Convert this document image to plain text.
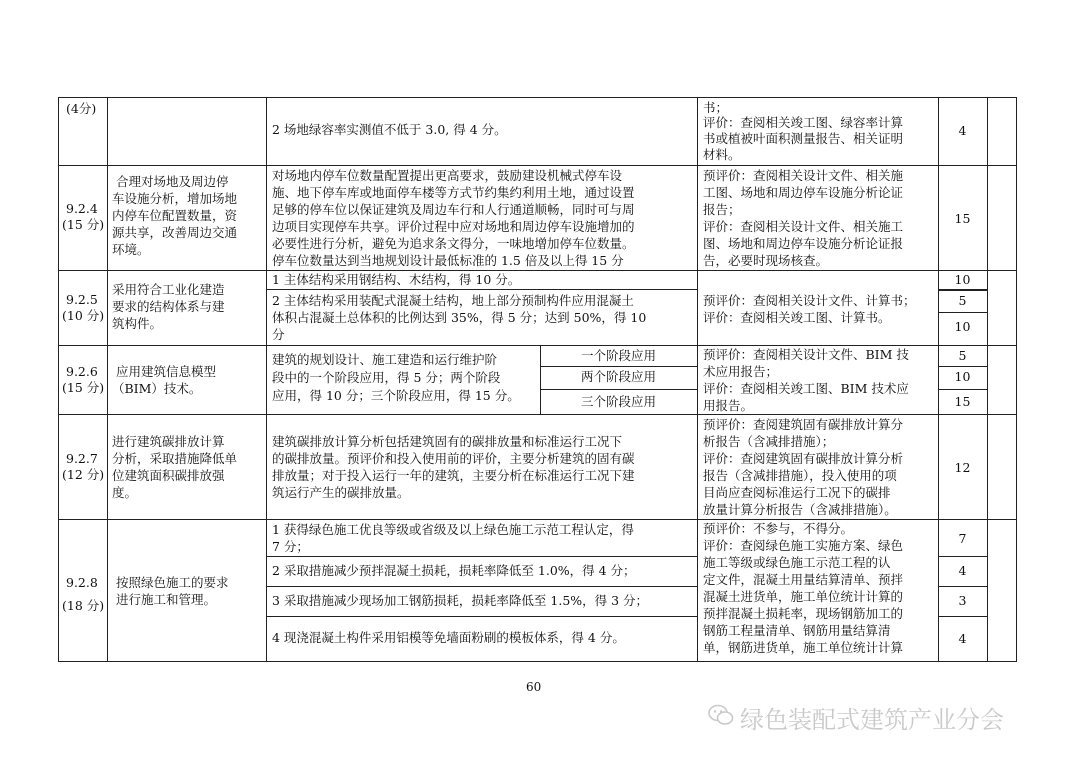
(4分)
2 场地绿容率实测值不低于 3.0, 得 4 分。
书；
评价：查阅相关竣工图、绿容率计算
书或植被叶面积测量报告、相关证明
材料。
4
9.2.4
(15 分)
合理对场地及周边停
车设施分析，增加场地
内停车位配置数量，资
源共享，改善周边交通
环境。
对场地内停车位数量配置提出更高要求，鼓励建设机械式停车设
施、地下停车库或地面停车楼等方式节约集约利用土地，通过设置
足够的停车位以保证建筑及周边车行和人行通道顺畅，同时可与周
边项目实现停车共享。评价过程中应对场地和周边停车设施增加的
必要性进行分析，避免为追求条文得分，一味地增加停车位数量。
停车位数量达到当地规划设计最低标准的 1.5 倍及以上得 15 分
预评价：查阅相关设计文件、相关施
工图、场地和周边停车设施分析论证
报告；
评价：查阅相关设计文件、相关施工
图、场地和周边停车设施分析论证报
告，必要时现场核查。
15
9.2.5
(10 分)
采用符合工业化建造
要求的结构体系与建
筑构件。
1 主体结构采用钢结构、木结构，得 10 分。
2 主体结构采用装配式混凝土结构，地上部分预制构件应用混凝土
体积占混凝土总体积的比例达到 35%，得 5 分；达到 50%，得 10
分
预评价：查阅相关设计文件、计算书；
评价：查阅相关竣工图、计算书。
10
5
10
9.2.6
(15 分)
应用建筑信息模型
（BIM）技术。
建筑的规划设计、施工建造和运行维护阶
段中的一个阶段应用，得 5 分；两个阶段
应用，得 10 分；三个阶段应用，得 15 分。
一个阶段应用
两个阶段应用
三个阶段应用
预评价：查阅相关设计文件、BIM 技
术应用报告；
评价：查阅相关竣工图、BIM 技术应
用报告。
5
10
15
9.2.7
(12 分)
进行建筑碳排放计算
分析，采取措施降低单
位建筑面积碳排放强
度。
建筑碳排放计算分析包括建筑固有的碳排放量和标准运行工况下
的碳排放量。预评价和投入使用前的评价，主要分析建筑的固有碳
排放量；对于投入运行一年的建筑，主要分析在标准运行工况下建
筑运行产生的碳排放量。
预评价：查阅建筑固有碳排放计算分
析报告（含减排措施）；
评价：查阅建筑固有碳排放计算分析
报告（含减排措施），投入使用的项
目尚应查阅标准运行工况下的碳排
放量计算分析报告（含减排措施）。
12
9.2.8
(18 分)
按照绿色施工的要求
进行施工和管理。
1 获得绿色施工优良等级或省级及以上绿色施工示范工程认定，得
7 分；
2 采取措施减少预拌混凝土损耗，损耗率降低至 1.0%，得 4 分；
3 采取措施减少现场加工钢筋损耗，损耗率降低至 1.5%，得 3 分；
4 现浇混凝土构件采用铝模等免墙面粉刷的模板体系，得 4 分。
预评价：不参与，不得分。
评价：查阅绿色施工实施方案、绿色
施工等级或绿色施工示范工程的认
定文件，混凝土用量结算清单、预拌
混凝土进货单，施工单位统计计算的
预拌混凝土损耗率，现场钢筋加工的
钢筋工程量清单、钢筋用量结算清
单，钢筋进货单，施工单位统计计算
7
4
3
4
60
绿色装配式建筑产业分会
